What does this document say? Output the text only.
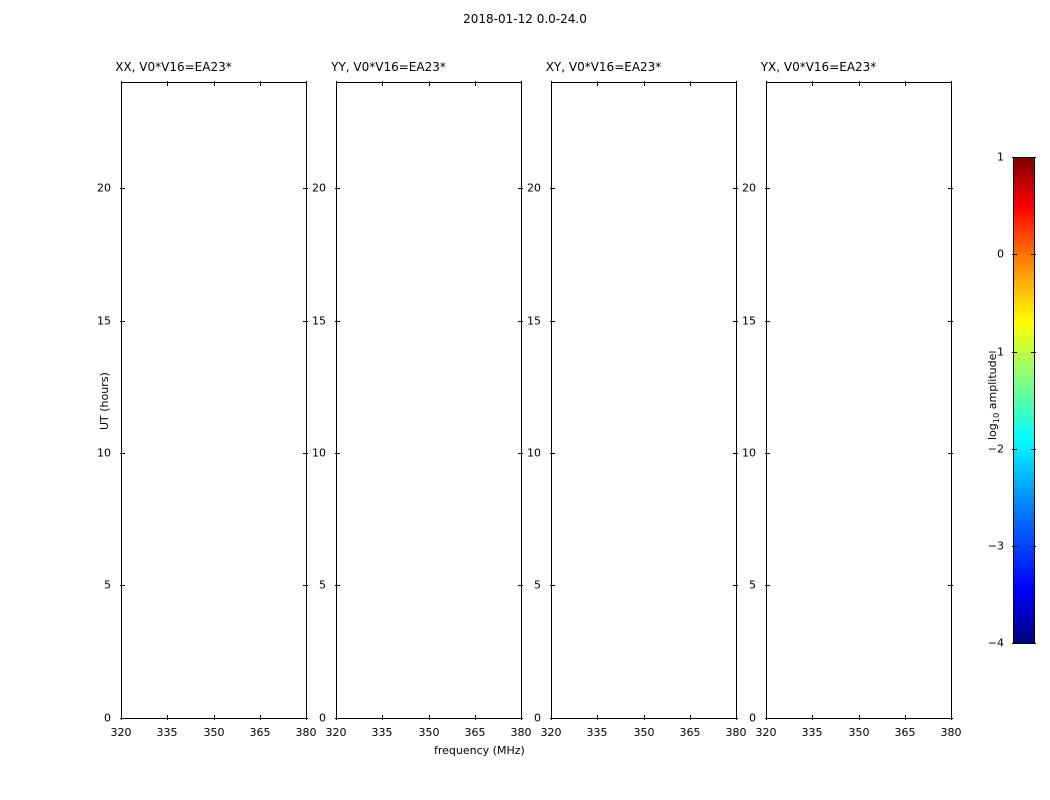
2018-01-12 0.0-24.0
XX, V0*V16=EA23*
0
5
10
15
20
320 335 350 365 380
YY, V0*V16=EA23*
0
5
10
15
20
320 335 350 365 380
XY, V0*V16=EA23*
0
5
10
15
20
320 335 350 365 380
YX, V0*V16=EA23*
0
5
10
15
20
320 335 350 365 380
UT (hours)
frequency (MHz)
1
0
−1
−2
−3
−4
$\log_{10}$ amplitude
